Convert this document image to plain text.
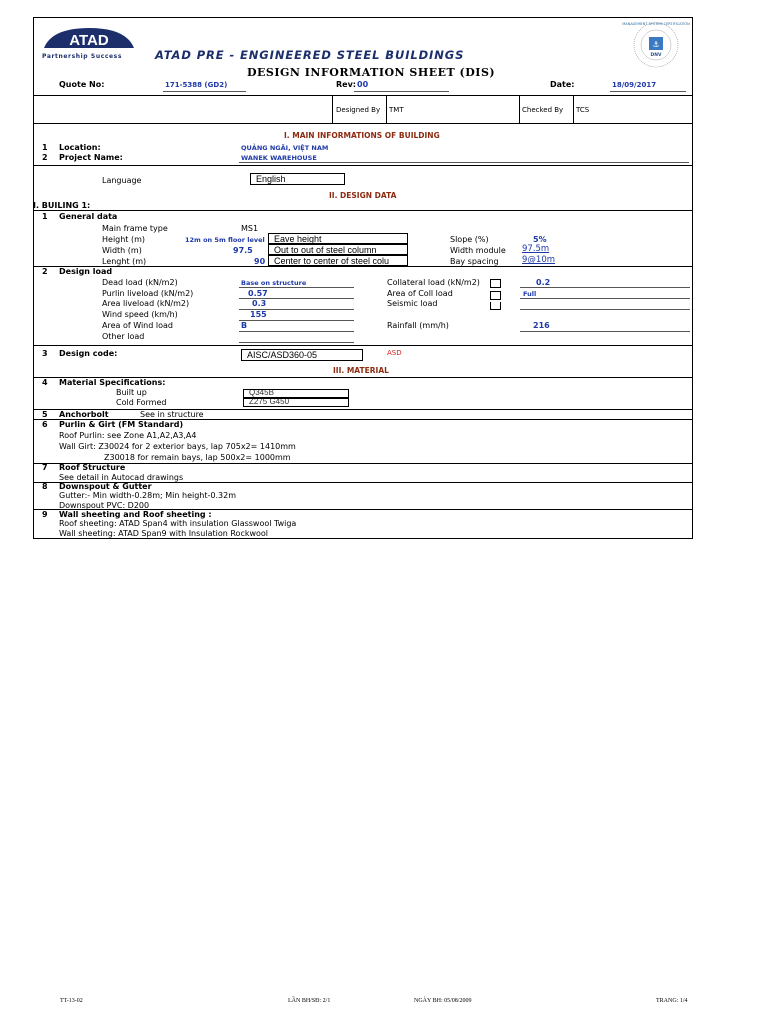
ATAD
Partnership Success	ATAD PRE - ENGINEERED STEEL BUILDINGS
DESIGN INFORMATION SHEET (DIS)
⚓
DNV
MANAGEMENT SYSTEM CERTIFICATION
Quote No:	171-5388 (GD2)	Rev: 00	Date:	18/09/2017
Designed By TMT	Checked By TCS
I. MAIN INFORMATIONS OF BUILDING
1 Location:	QUẢNG NGÃI, VIỆT NAM
2 Project Name:	WANEK WAREHOUSE
Language	English
II. DESIGN DATA
I. BUILING 1:
1 General data
Main frame type	MS1
Height (m)	12m on 5m floor level	Eave height
Width (m)	97.5	Out to out of steel column
Lenght (m)	90 Center to center of steel colu
Slope (%)	5%
Width module 97.5m
Bay spacing	9@10m
2 Design load
Dead load (kN/m2)	Base on structure
Purlin liveload (kN/m2)	0.57
Area liveload (kN/m2)	0.3
Wind speed (km/h)	155
Area of Wind load	B
Other load
Collateral load (kN/m2)	0.2
Area of Coll load	Full
Seismic load
Rainfall (mm/h)	216
3 Design code:	AISC/ASD360-05	ASD
III. MATERIAL
4 Material Specifications:
Built up	Q345B
Cold Formed	Z275 G450
5 Anchorbolt	See in structure
6 Purlin & Girt (FM Standard)
Roof Purlin: see Zone A1,A2,A3,A4
Wall Girt: Z30024 for 2 exterior bays, lap 705x2= 1410mm
Z30018 for remain bays, lap 500x2= 1000mm
7 Roof Structure
See detail in Autocad drawings
8 Downspout & Gutter
Gutter:- Min width-0.28m; Min height-0.32m
Downspout PVC: D200
9 Wall sheeting and Roof sheeting :
Roof sheeting: ATAD Span4 with insulation Glasswool Twiga
Wall sheeting: ATAD Span9 with Insulation Rockwool
TT-13-02	LẦN BH/SĐ: 2/1	NGÀY BH: 05/08/2009	TRANG: 1/4
